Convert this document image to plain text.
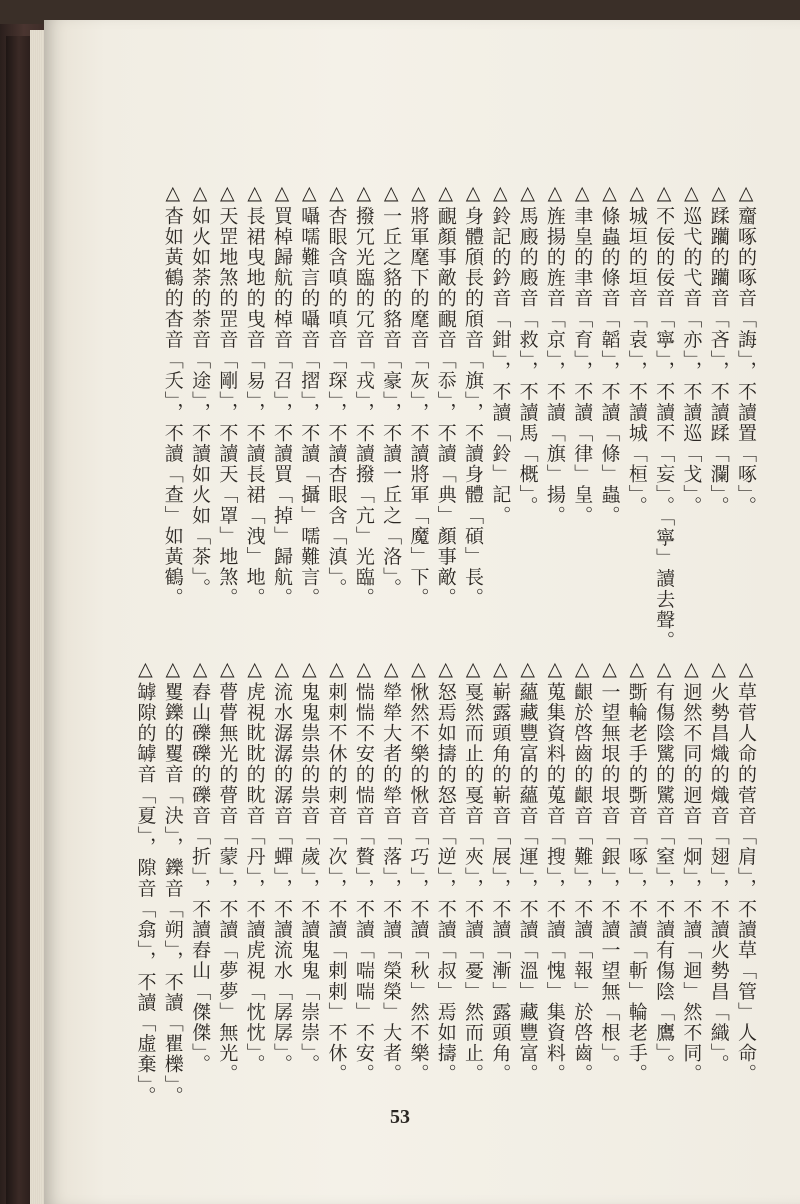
△齏啄的啄音「誨」，不讀置「啄」。
△蹂躪的躪音「吝」，不讀蹂「瀾」。
△巡弋的弋音「亦」，不讀巡「戈」。
△不佞的佞音「寧」，不讀不「妄」。「寧」讀去聲。
△城垣的垣音「袁」，不讀城「桓」。
△條蟲的條音「韜」，不讀「條」蟲。
△聿皇的聿音「育」，不讀「律」皇。
△旌揚的旌音「京」，不讀「旗」揚。
△馬廄的廄音「救」，不讀馬「概」。
△鈴記的鈐音「鉗」，不讀「鈴」記。
△身體頎長的頎音「旗」，不讀身體「碩」長。
△靦顏事敵的靦音「忝」，不讀「典」顏事敵。
△將軍麾下的麾音「灰」，不讀將軍「魔」下。
△一丘之貉的貉音「豪」，不讀一丘之「洛」。
△撥冗光臨的冗音「戎」，不讀撥「亢」光臨。
△杏眼含嗔的嗔音「琛」，不讀杏眼含「滇」。
△囁嚅難言的囁音「摺」，不讀「攝」嚅難言。
△買棹歸航的棹音「召」，不讀買「掉」歸航。
△長裙曳地的曳音「易」，不讀長裙「洩」地。
△天罡地煞的罡音「剛」，不讀天「罩」地煞。
△如火如荼的荼音「途」，不讀如火如「茶」。
△杳如黃鶴的杳音「夭」，不讀「查」如黃鶴。
△草菅人命的菅音「肩」，不讀草「管」人命。
△火勢昌熾的熾音「翅」，不讀火勢昌「織」。
△迥然不同的迥音「炯」，不讀「迴」然不同。
△有傷陰騭的騭音「窒」，不讀有傷陰「鷹」。
△斲輪老手的斲音「啄」，不讀「斬」輪老手。
△一望無垠的垠音「銀」，不讀一望無「根」。
△齦於啓齒的齦音「難」，不讀「報」於啓齒。
△蒐集資料的蒐音「搜」，不讀「愧」集資料。
△蘊藏豐富的蘊音「運」，不讀「溫」藏豐富。
△嶄露頭角的嶄音「展」，不讀「漸」露頭角。
△戛然而止的戛音「夾」，不讀「憂」然而止。
△怒焉如擣的怒音「逆」，不讀「叔」焉如擣。
△愀然不樂的愀音「巧」，不讀「秋」然不樂。
△犖犖大者的犖音「落」，不讀「榮榮」大者。
△惴惴不安的惴音「贅」，不讀「喘喘」不安。
△刺刺不休的刺音「次」，不讀「剌剌」不休。
△鬼鬼祟祟的祟音「歲」，不讀鬼鬼「崇崇」。
△流水潺潺的潺音「蟬」，不讀流水「孱孱」。
△虎視眈眈的眈音「丹」，不讀虎視「忱忱」。
△瞢瞢無光的瞢音「蒙」，不讀「夢夢」無光。
△舂山礫礫的礫音「折」，不讀舂山「傑傑」。
△矍鑠的矍音「決」，鑠音「朔」，不讀「瞿櫟」。
△罅隙的罅音「夏」，隙音「翕」，不讀「虛棄」。
53
